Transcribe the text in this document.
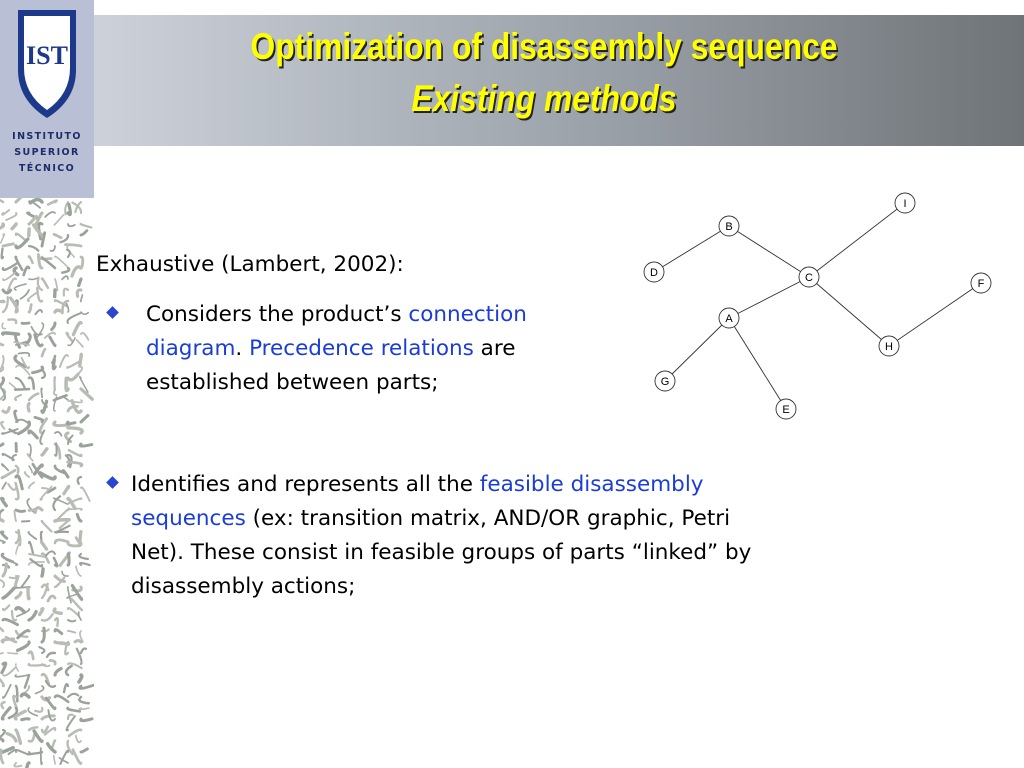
IST
INSTITUTO
SUPERIOR
TÉCNICO
Optimization of disassembly sequence
Existing methods
Exhaustive (Lambert, 2002):
Considers the product’s connection
diagram. Precedence relations are
established between parts;
Identifies and represents all the feasible disassembly
sequences (ex: transition matrix, AND/OR graphic, Petri
Net). These consist in feasible groups of parts “linked” by
disassembly actions;
I
B
D	C	F
A
H
G
E
